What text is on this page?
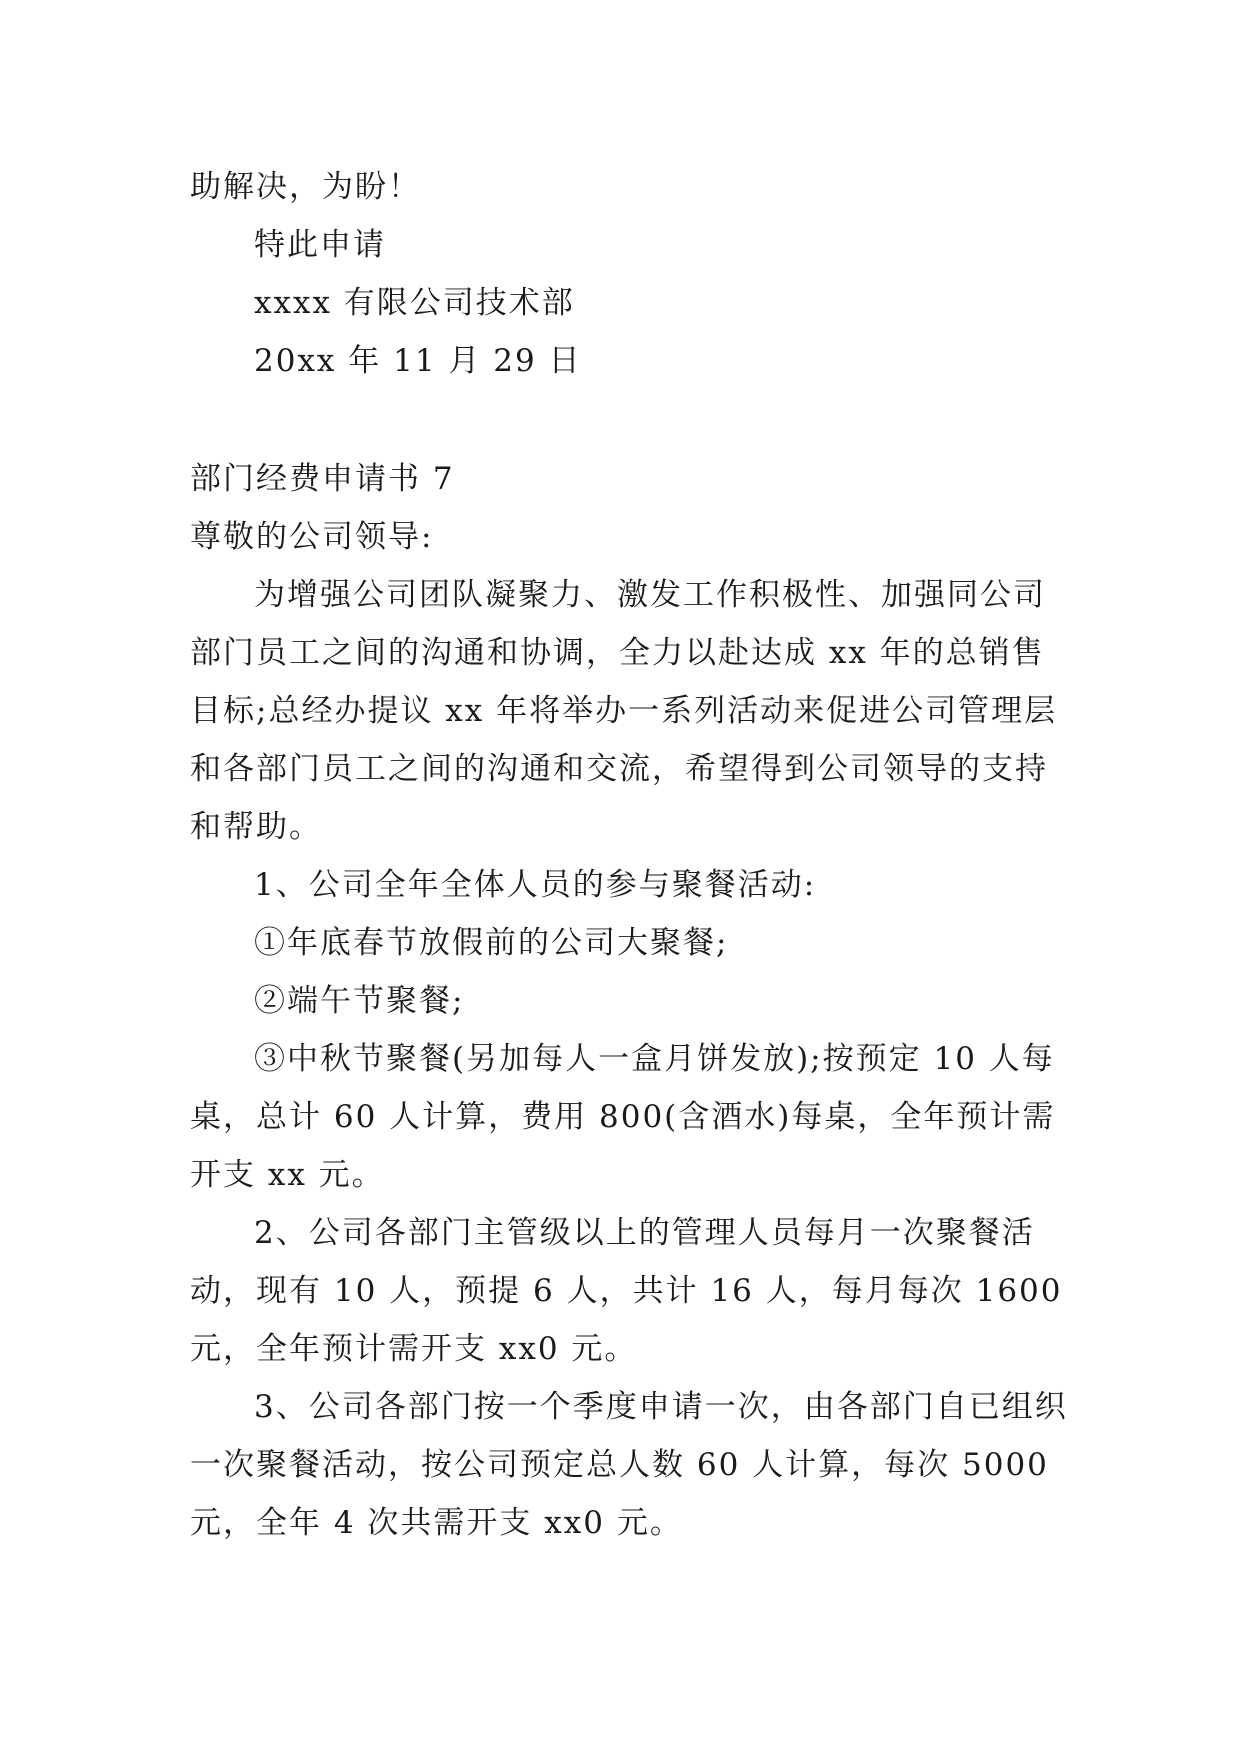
助解决，为盼！

特此申请

xxxx 有限公司技术部

20xx 年 11 月 29 日

部门经费申请书 7

尊敬的公司领导:

为增强公司团队凝聚力、激发工作积极性、加强同公司部门员工之间的沟通和协调，全力以赴达成 xx 年的总销售目标;总经办提议 xx 年将举办一系列活动来促进公司管理层和各部门员工之间的沟通和交流，希望得到公司领导的支持和帮助。

1、公司全年全体人员的参与聚餐活动:

①年底春节放假前的公司大聚餐;

②端午节聚餐;

③中秋节聚餐(另加每人一盒月饼发放);按预定 10 人每桌，总计 60 人计算，费用 800(含酒水)每桌，全年预计需开支 xx 元。

2、公司各部门主管级以上的管理人员每月一次聚餐活动，现有 10 人，预提 6 人，共计 16 人，每月每次 1600 元，全年预计需开支 xx0 元。

3、公司各部门按一个季度申请一次，由各部门自已组织一次聚餐活动，按公司预定总人数 60 人计算，每次 5000 元，全年 4 次共需开支 xx0 元。
